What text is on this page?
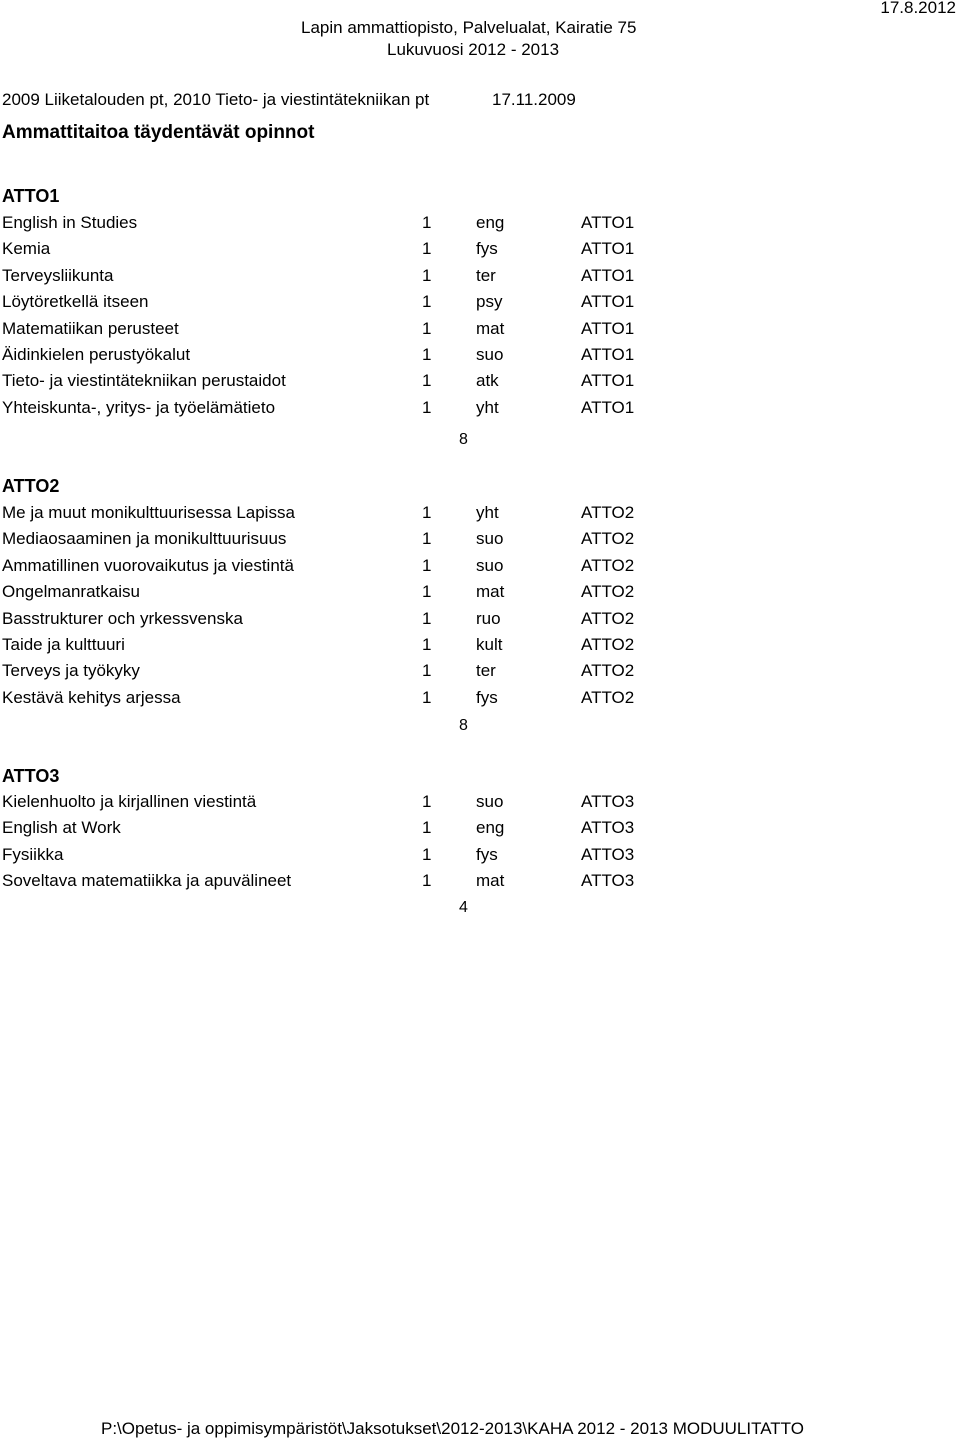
17.8.2012
Lapin ammattiopisto, Palvelualat, Kairatie 75
Lukuvuosi 2012 - 2013
2009 Liiketalouden pt, 2010 Tieto- ja viestintätekniikan pt	17.11.2009
Ammattitaitoa täydentävät opinnot
ATTO1
English in Studies	1	eng	ATTO1
Kemia	1	fys	ATTO1
Terveysliikunta	1	ter	ATTO1
Löytöretkellä itseen	1	psy	ATTO1
Matematiikan perusteet	1	mat	ATTO1
Äidinkielen perustyökalut	1	suo	ATTO1
Tieto- ja viestintätekniikan perustaidot	1	atk	ATTO1
Yhteiskunta-, yritys- ja työelämätieto	1	yht	ATTO1
8
ATTO2
Me ja muut monikulttuurisessa Lapissa	1	yht	ATTO2
Mediaosaaminen ja monikulttuurisuus	1	suo	ATTO2
Ammatillinen vuorovaikutus ja viestintä	1	suo	ATTO2
Ongelmanratkaisu	1	mat	ATTO2
Basstrukturer och yrkessvenska	1	ruo	ATTO2
Taide ja kulttuuri	1	kult	ATTO2
Terveys ja työkyky	1	ter	ATTO2
Kestävä kehitys arjessa	1	fys	ATTO2
8
ATTO3
Kielenhuolto ja kirjallinen viestintä	1	suo	ATTO3
English at Work	1	eng	ATTO3
Fysiikka	1	fys	ATTO3
Soveltava matematiikka ja apuvälineet	1	mat	ATTO3
4
P:\Opetus- ja oppimisympäristöt\Jaksotukset\2012-2013\KAHA 2012 - 2013 MODUULITATTO
